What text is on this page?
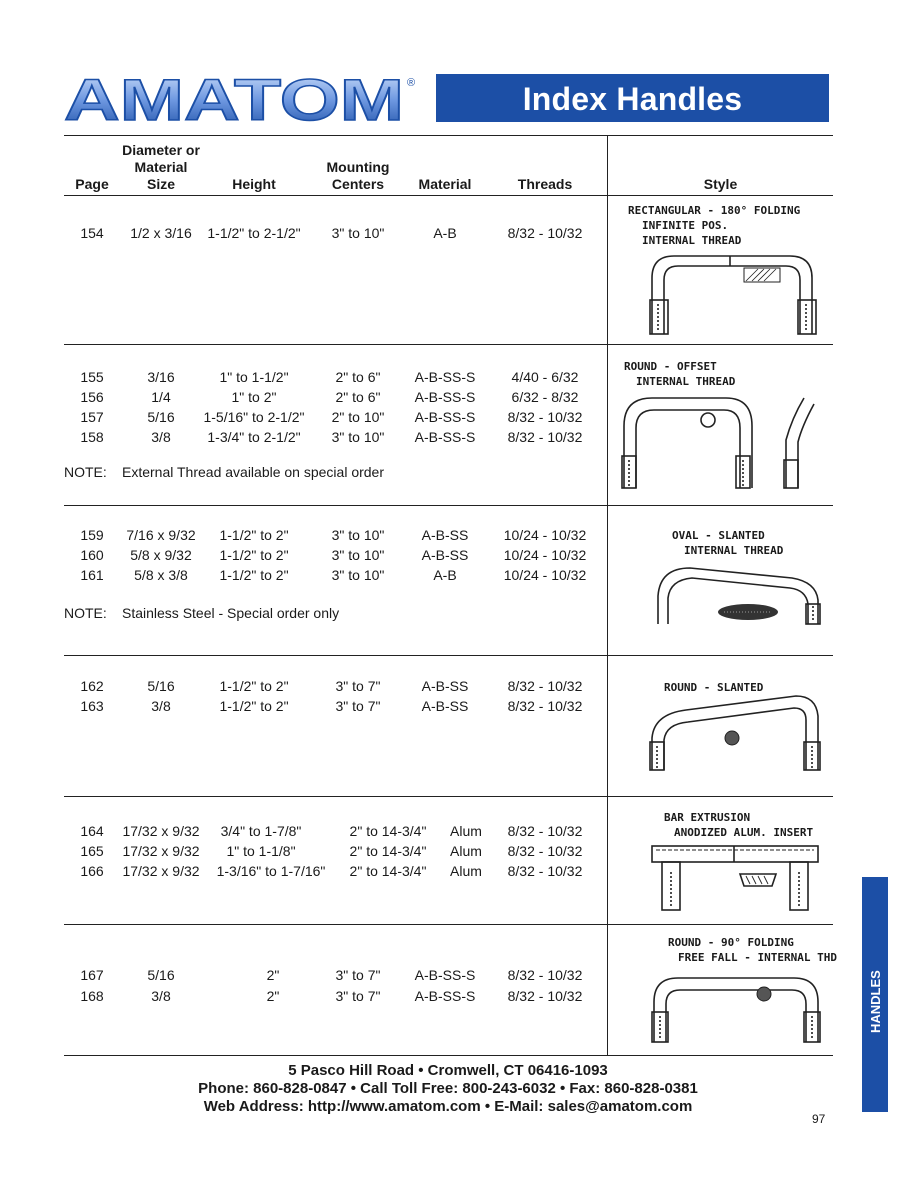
AMATOM ®	Index Handles
Page
Diameter or
Material
Size	Height
Mounting
Centers	Material	Threads	Style
154	1/2 x 3/16	1-1/2" to 2-1/2"	3" to 10"	A-B	8/32 - 10/32
RECTANGULAR - 180° FOLDING
INFINITE POS.
INTERNAL THREAD
155	3/16	1" to 1-1/2"	2" to 6"	A-B-SS-S	4/40 - 6/32
156	1/4	1" to 2"	2" to 6"	A-B-SS-S	6/32 - 8/32
157	5/16	1-5/16" to 2-1/2"	2" to 10"	A-B-SS-S	8/32 - 10/32
158	3/8	1-3/4" to 2-1/2"	3" to 10"	A-B-SS-S	8/32 - 10/32
NOTE: External Thread available on special order
ROUND - OFFSET
INTERNAL THREAD
159	7/16 x 9/32	1-1/2" to 2"	3" to 10"	A-B-SS	10/24 - 10/32
160	5/8 x 9/32	1-1/2" to 2"	3" to 10"	A-B-SS	10/24 - 10/32
161	5/8 x 3/8	1-1/2" to 2"	3" to 10"	A-B	10/24 - 10/32
NOTE: Stainless Steel - Special order only
OVAL - SLANTED
INTERNAL THREAD
162	5/16	1-1/2" to 2"	3" to 7"	A-B-SS	8/32 - 10/32
163	3/8	1-1/2" to 2"	3" to 7"	A-B-SS	8/32 - 10/32
ROUND - SLANTED
164	17/32 x 9/32	3/4" to 1-7/8"	2" to 14-3/4"	Alum	8/32 - 10/32
165	17/32 x 9/32	1" to 1-1/8"	2" to 14-3/4"	Alum	8/32 - 10/32
166	17/32 x 9/32	1-3/16" to 1-7/16"	2" to 14-3/4"	Alum	8/32 - 10/32
BAR EXTRUSION
ANODIZED ALUM. INSERT
167	5/16	2"	3" to 7"	A-B-SS-S	8/32 - 10/32
168	3/8	2"	3" to 7"	A-B-SS-S	8/32 - 10/32
ROUND - 90° FOLDING
FREE FALL - INTERNAL THD
5 Pasco Hill Road • Cromwell, CT 06416-1093
Phone: 860-828-0847 • Call Toll Free: 800-243-6032 • Fax: 860-828-0381
Web Address: http://www.amatom.com • E-Mail: sales@amatom.com
HANDLES
97
